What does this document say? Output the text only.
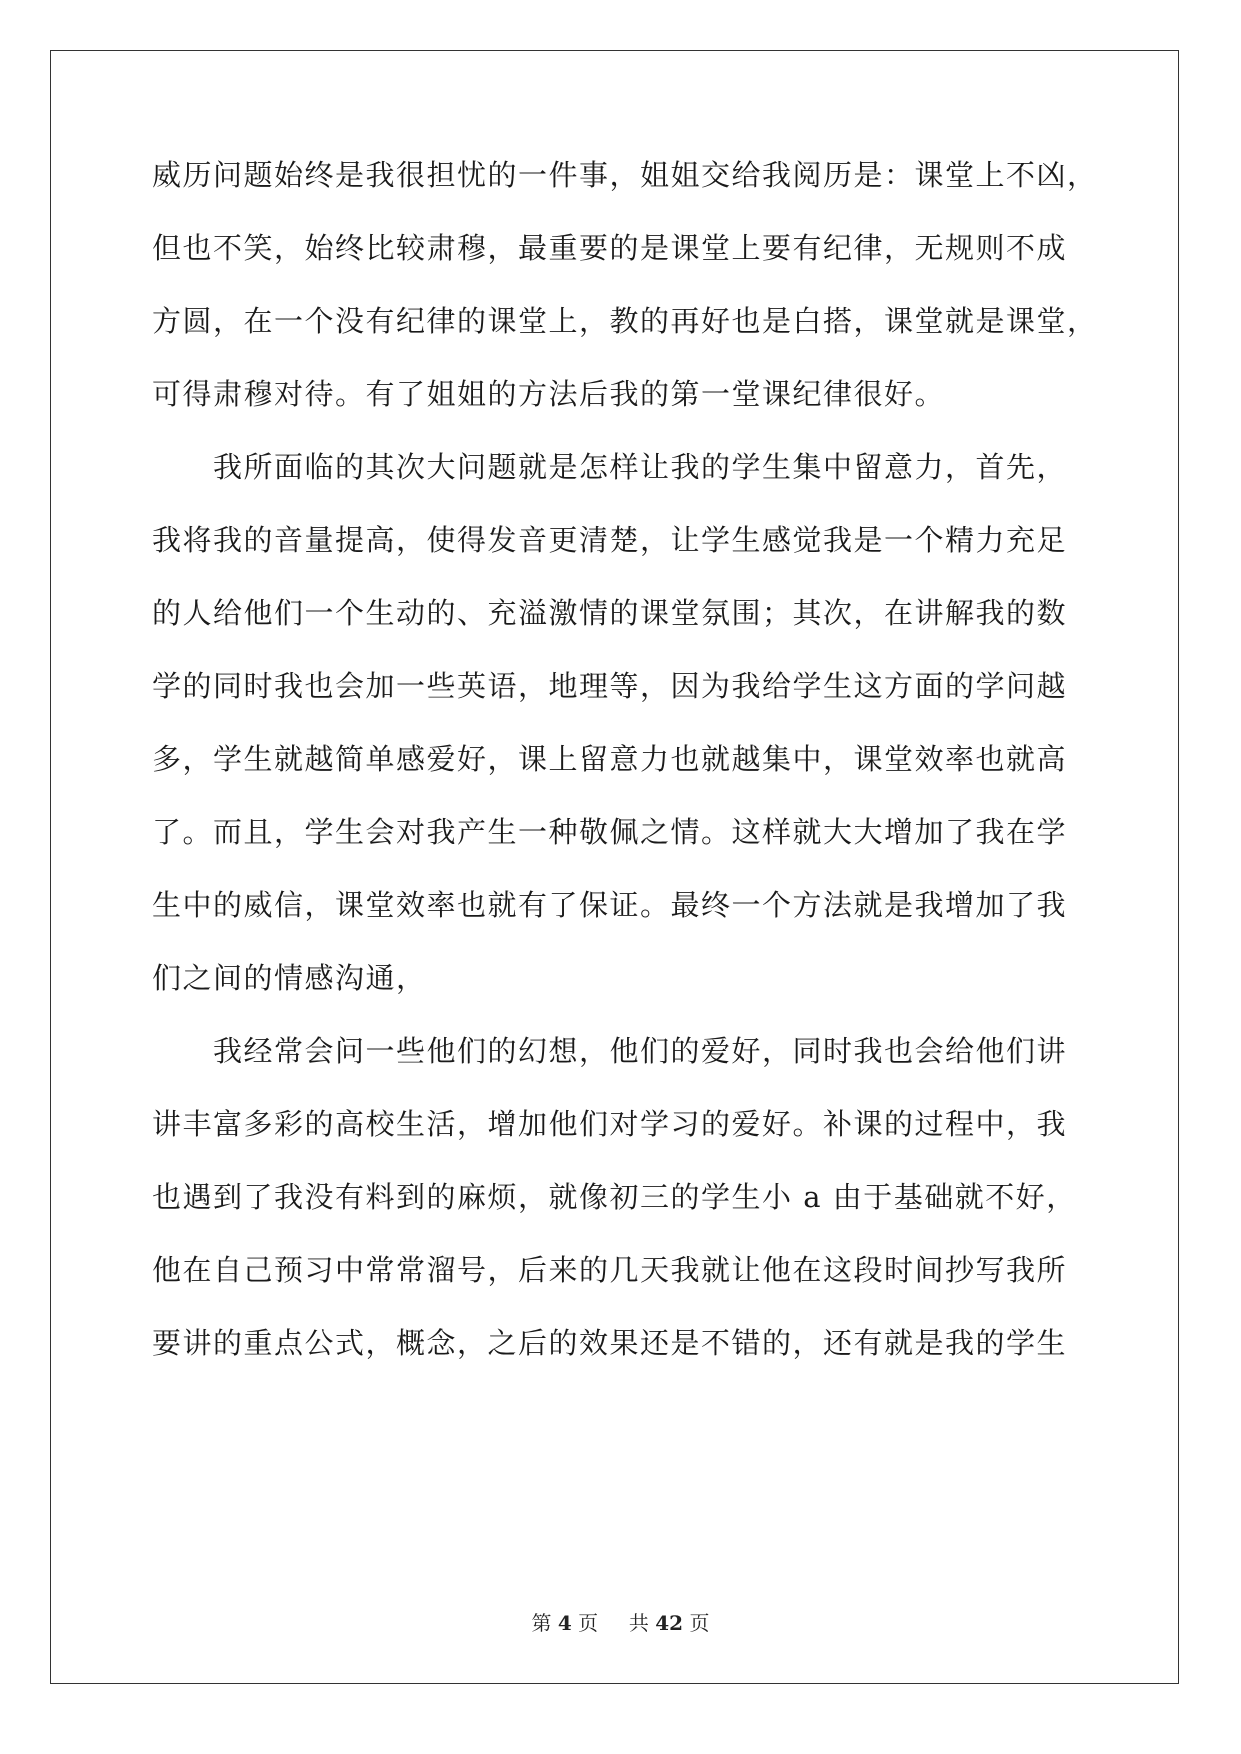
威历问题始终是我很担忧的一件事，姐姐交给我阅历是：课堂上不凶，
但也不笑，始终比较肃穆，最重要的是课堂上要有纪律，无规则不成
方圆，在一个没有纪律的课堂上，教的再好也是白搭，课堂就是课堂，
可得肃穆对待。有了姐姐的方法后我的第一堂课纪律很好。
　　我所面临的其次大问题就是怎样让我的学生集中留意力，首先，
我将我的音量提高，使得发音更清楚，让学生感觉我是一个精力充足
的人给他们一个生动的、充溢激情的课堂氛围；其次，在讲解我的数
学的同时我也会加一些英语，地理等，因为我给学生这方面的学问越
多，学生就越简单感爱好，课上留意力也就越集中，课堂效率也就高
了。而且，学生会对我产生一种敬佩之情。这样就大大增加了我在学
生中的威信，课堂效率也就有了保证。最终一个方法就是我增加了我
们之间的情感沟通，
　　我经常会问一些他们的幻想，他们的爱好，同时我也会给他们讲
讲丰富多彩的高校生活，增加他们对学习的爱好。补课的过程中，我
也遇到了我没有料到的麻烦，就像初三的学生小 a 由于基础就不好，
他在自己预习中常常溜号，后来的几天我就让他在这段时间抄写我所
要讲的重点公式，概念，之后的效果还是不错的，还有就是我的学生
第 4 页 共 42 页
